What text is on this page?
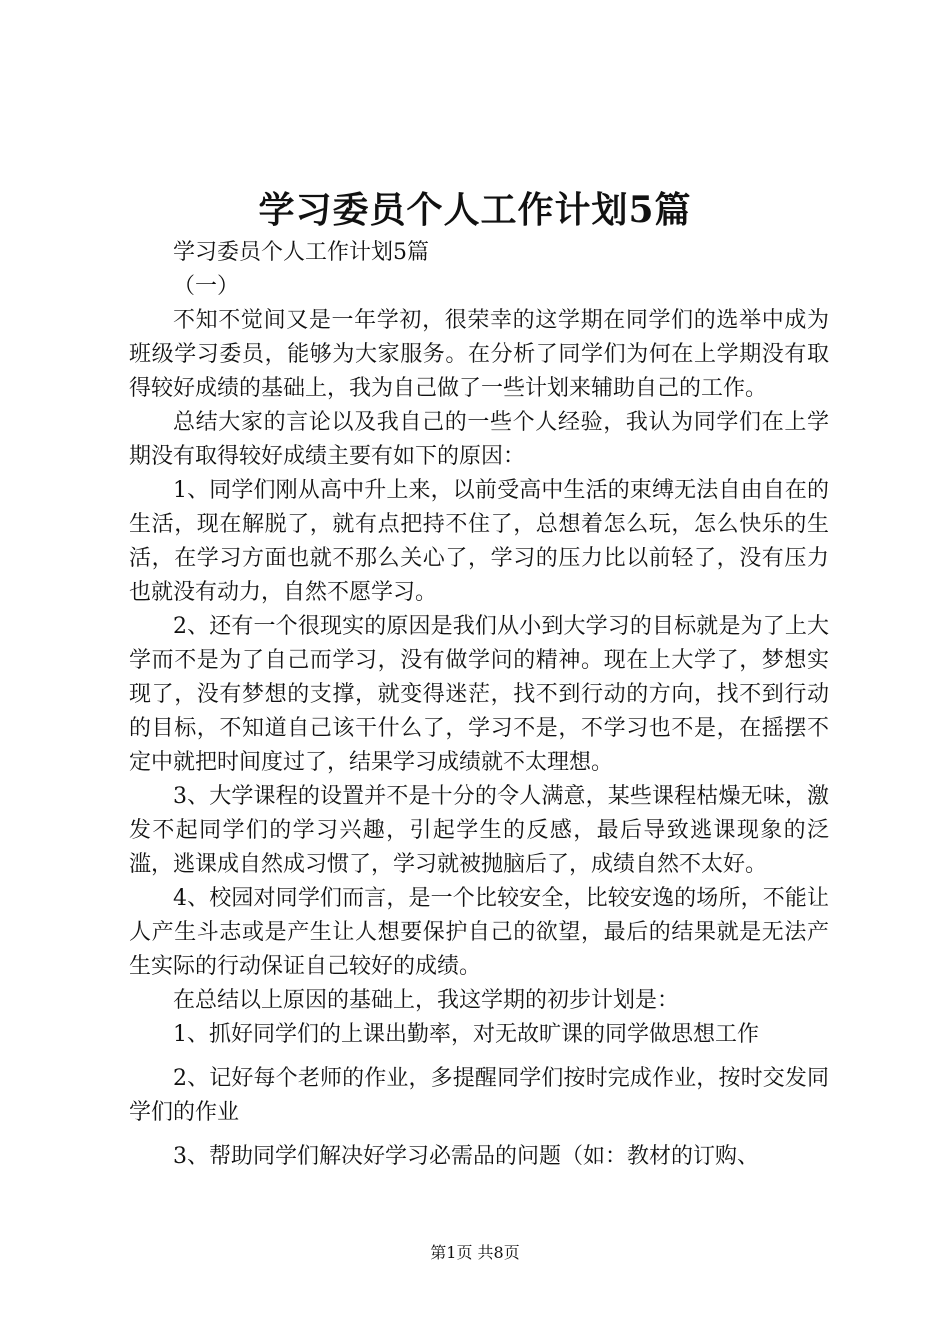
学习委员个人工作计划5篇

学习委员个人工作计划5篇

（一）

不知不觉间又是一年学初，很荣幸的这学期在同学们的选举中成为班级学习委员，能够为大家服务。在分析了同学们为何在上学期没有取得较好成绩的基础上，我为自己做了一些计划来辅助自己的工作。

总结大家的言论以及我自己的一些个人经验，我认为同学们在上学期没有取得较好成绩主要有如下的原因：

1、同学们刚从高中升上来，以前受高中生活的束缚无法自由自在的生活，现在解脱了，就有点把持不住了，总想着怎么玩，怎么快乐的生活，在学习方面也就不那么关心了，学习的压力比以前轻了，没有压力也就没有动力，自然不愿学习。

2、还有一个很现实的原因是我们从小到大学习的目标就是为了上大学而不是为了自己而学习，没有做学问的精神。现在上大学了，梦想实现了，没有梦想的支撑，就变得迷茫，找不到行动的方向，找不到行动的目标，不知道自己该干什么了，学习不是，不学习也不是，在摇摆不定中就把时间度过了，结果学习成绩就不太理想。

3、大学课程的设置并不是十分的令人满意，某些课程枯燥无味，激发不起同学们的学习兴趣，引起学生的反感，最后导致逃课现象的泛滥，逃课成自然成习惯了，学习就被抛脑后了，成绩自然不太好。

4、校园对同学们而言，是一个比较安全，比较安逸的场所，不能让人产生斗志或是产生让人想要保护自己的欲望，最后的结果就是无法产生实际的行动保证自己较好的成绩。

在总结以上原因的基础上，我这学期的初步计划是：

1、抓好同学们的上课出勤率，对无故旷课的同学做思想工作

2、记好每个老师的作业，多提醒同学们按时完成作业，按时交发同学们的作业

3、帮助同学们解决好学习必需品的问题（如：教材的订购、

第1页 共8页
